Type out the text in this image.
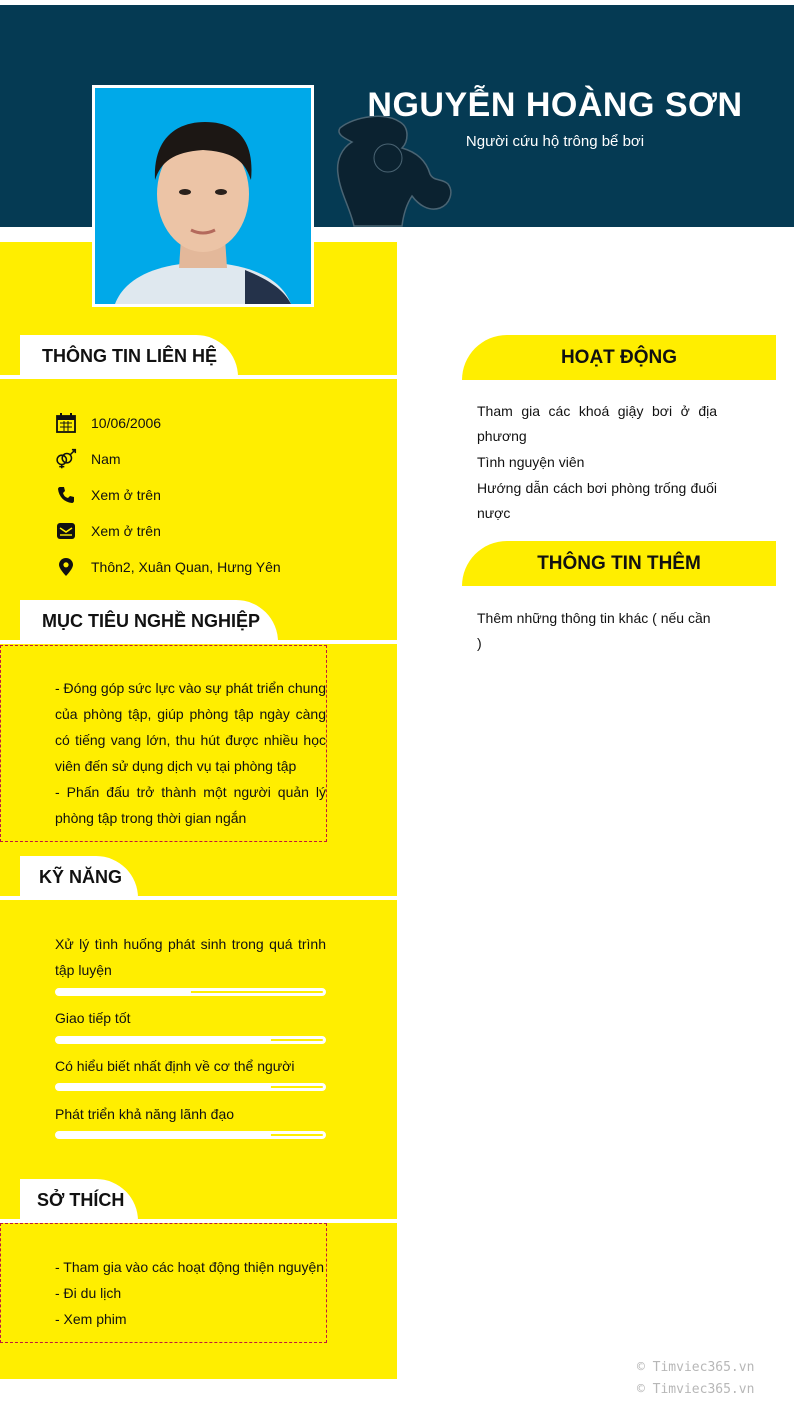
NGUYỄN HOÀNG SƠN
Người cứu hộ trông bể bơi
THÔNG TIN LIÊN HỆ
10/06/2006
Nam
Xem ở trên
Xem ở trên
Thôn2, Xuân Quan, Hưng Yên
MỤC TIÊU NGHỀ NGHIỆP
- Đóng góp sức lực vào sự phát triển chung của phòng tập, giúp phòng tập ngày càng có tiếng vang lớn, thu hút được nhiều học viên đến sử dụng dịch vụ tại phòng tập
- Phấn đấu trở thành một người quản lý phòng tập trong thời gian ngắn
KỸ NĂNG
Xử lý tình huống phát sinh trong quá trình tập luyện
Giao tiếp tốt
Có hiểu biết nhất định về cơ thể người
Phát triển khả năng lãnh đạo
SỞ THÍCH
- Tham gia vào các hoạt động thiện nguyện
- Đi du lịch
- Xem phim
HOẠT ĐỘNG
Tham gia các khoá giậy bơi ở địa phương
Tình nguyện viên
Hướng dẫn cách bơi phòng trống đuối nược
THÔNG TIN THÊM
Thêm những thông tin khác ( nếu cần )
© Timviec365.vn
© Timviec365.vn
